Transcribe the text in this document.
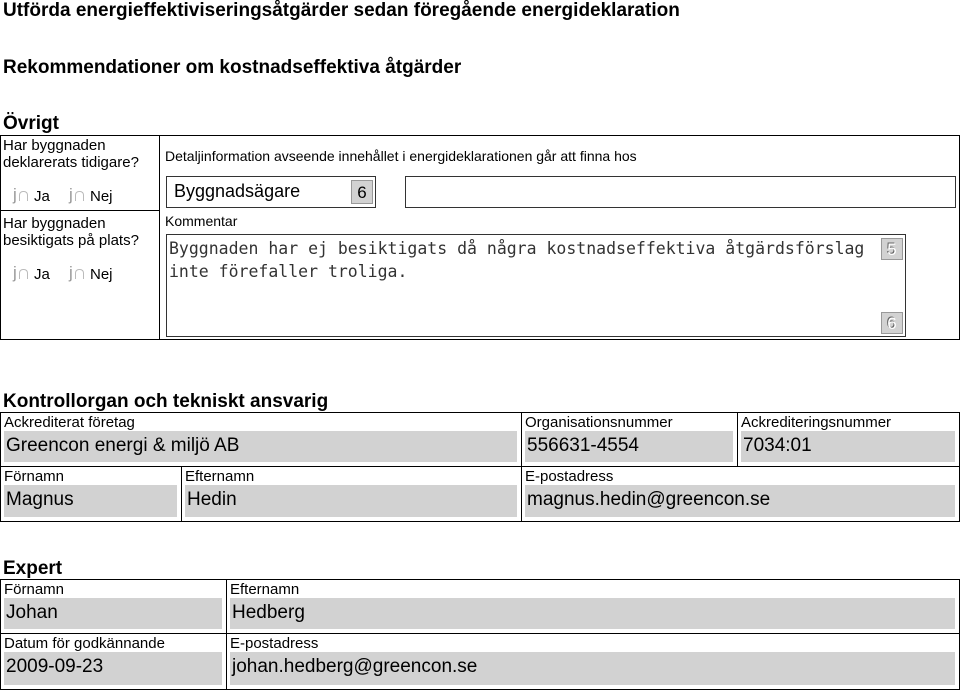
Utförda energieffektiviseringsåtgärder sedan föregående energideklaration
Rekommendationer om kostnadseffektiva åtgärder
Övrigt
Har byggnaden deklarerats tidigare?
jJa j	Nej
Har byggnaden besiktigats på plats?
jJa j	Nej
Detaljinformation avseende innehållet i energideklarationen går att finna hos
Byggnadsägare	6
Kommentar
Byggnaden har ej besiktigats då några kostnadseffektiva åtgärdsförslag inte förefaller troliga.
5
6
Kontrollorgan och tekniskt ansvarig
Ackrediterat företag
Greencon energi & miljö AB
Organisationsnummer
556631-4554
Ackrediteringsnummer
7034:01
Förnamn
Magnus
Efternamn
Hedin
E-postadress
magnus.hedin@greencon.se
Expert
Förnamn
Johan
Efternamn
Hedberg
Datum för godkännande
2009-09-23
E-postadress
johan.hedberg@greencon.se
